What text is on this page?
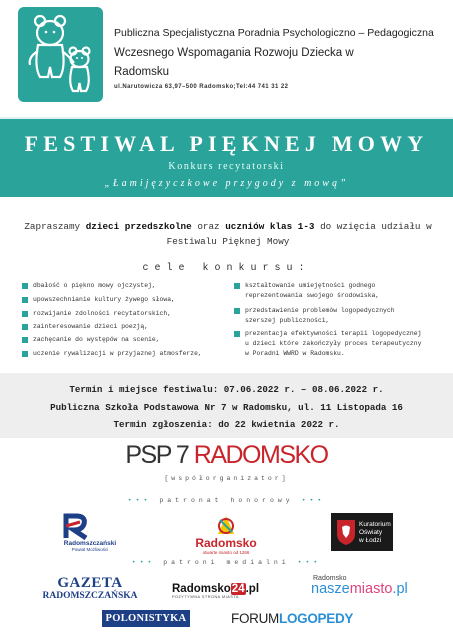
Publiczna Specjalistyczna Poradnia Psychologiczno – Pedagogiczna
Wczesnego Wspomagania Rozwoju Dziecka w
Radomsku
ul.Narutowicza 63,97–500 Radomsko;Tel:44 741 31 22
FESTIWAL PIĘKNEJ MOWY
Konkurs recytatorski
„Łamijęzyczkowe przygody z mową”
Zapraszamy dzieci przedszkolne oraz uczniów klas 1-3 do wzięcia udziału w Festiwalu Pięknej Mowy
cele konkursu:
dbałość o piękno mowy ojczystej,
upowszechnianie kultury żywego słowa,
rozwijanie zdolności recytatorskich,
zainteresowanie dzieci poezją,
zachęcanie do występów na scenie,
uczenie rywalizacji w przyjaznej atmosferze,
kształtowanie umiejętności godnego
reprezentowania swojego środowiska,
przedstawienie problemów logopedycznych
szerszej publiczności,
prezentacja efektywności terapii logopedycznej
u dzieci które zakończyły proces terapeutyczny
w Poradni WWRD w Radomsku.
Termin i miejsce festiwalu: 07.06.2022 r. – 08.06.2022 r.
Publiczna Szkoła Podstawowa Nr 7 w Radomsku, ul. 11 Listopada 16
Termin zgłoszenia: do 22 kwietnia 2022 r.
PSP 7 RADOMSKO
[współorganizator]
••• patronat honorowy •••
Radomszczański
Powiat Możliwości	Radomsko
otwarte miasto od 1266
Kuratorium
Oświaty
w Łodzi
••• patroni medialni •••
GAZETA
RADOMSZCZAŃSKA
Radomsko24.pl
POZYTYWNA STRONA MIASTA
Radomsko
naszemiasto.pl
POLONISTYKA	FORUMLOGOPEDY
